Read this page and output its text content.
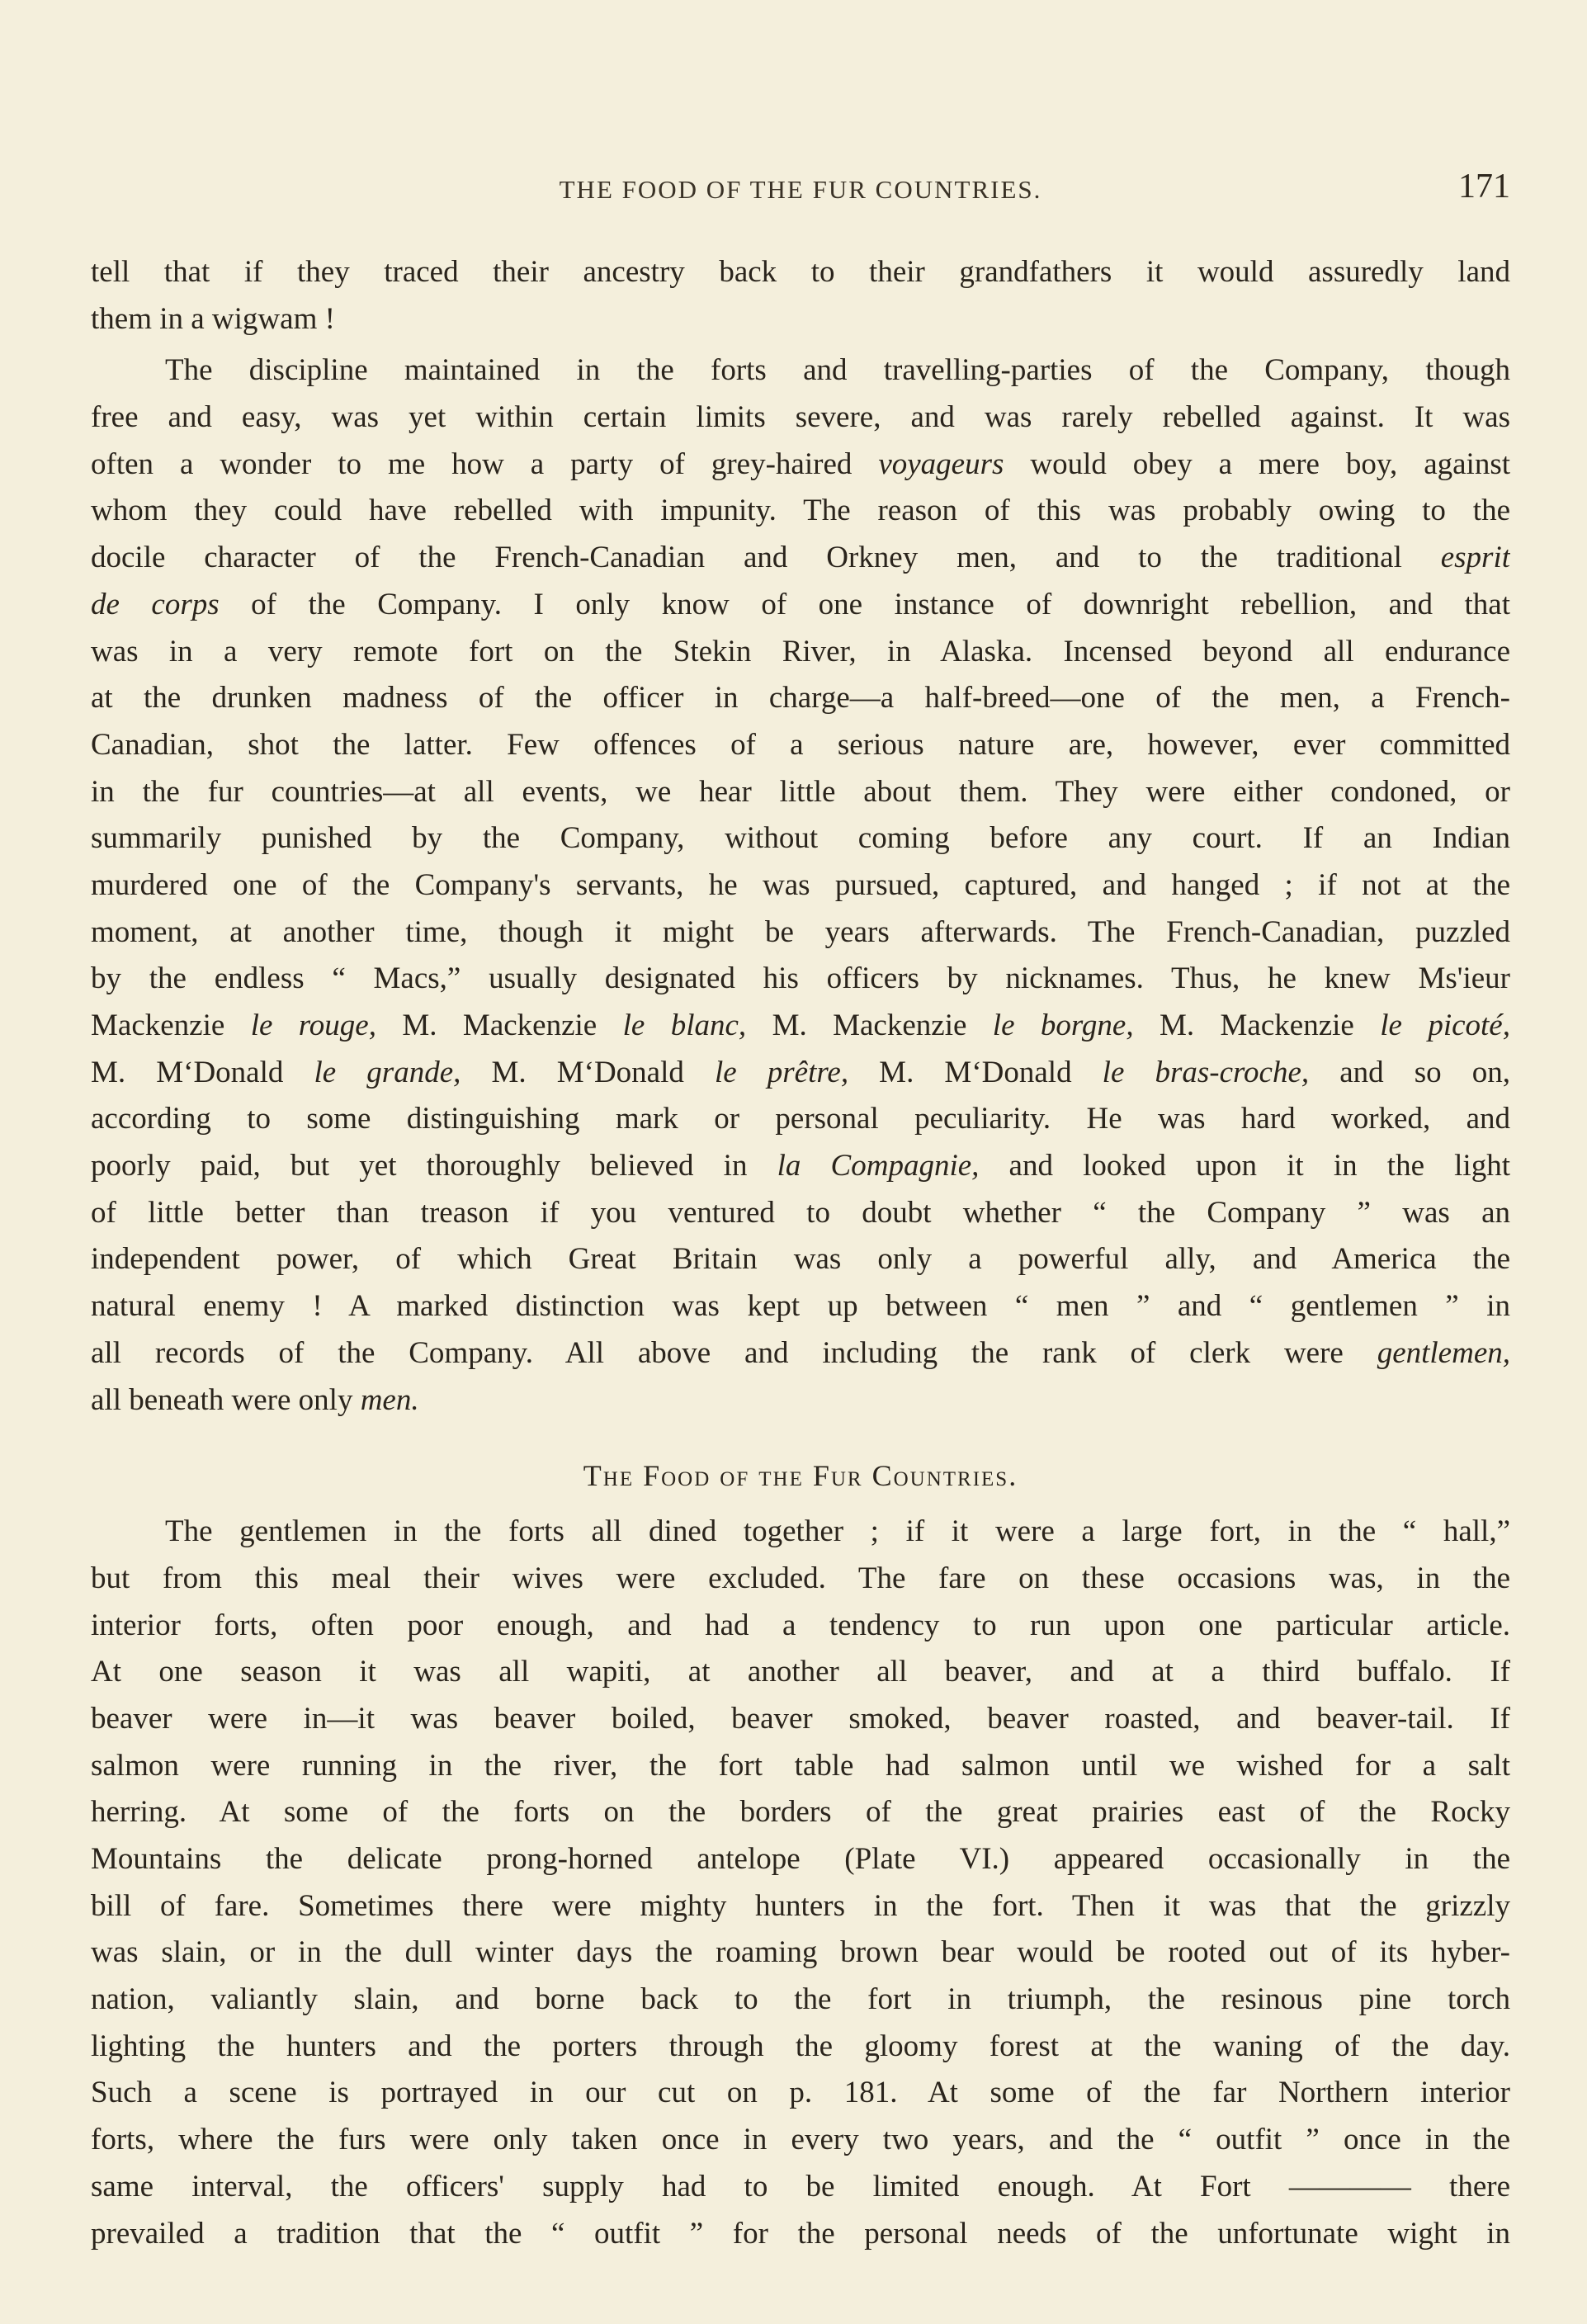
THE FOOD OF THE FUR COUNTRIES.	171
tell that if they traced their ancestry back to their grandfathers it would assuredly land
them in a wigwam !
The discipline maintained in the forts and travelling-parties of the Company, though
free and easy, was yet within certain limits severe, and was rarely rebelled against. It was
often a wonder to me how a party of grey-haired voyageurs would obey a mere boy, against
whom they could have rebelled with impunity. The reason of this was probably owing to the
docile character of the French-Canadian and Orkney men, and to the traditional esprit
de corps of the Company. I only know of one instance of downright rebellion, and that
was in a very remote fort on the Stekin River, in Alaska. Incensed beyond all endurance
at the drunken madness of the officer in charge—a half-breed—one of the men, a French-
Canadian, shot the latter. Few offences of a serious nature are, however, ever committed
in the fur countries—at all events, we hear little about them. They were either condoned, or
summarily punished by the Company, without coming before any court. If an Indian
murdered one of the Company's servants, he was pursued, captured, and hanged ; if not at the
moment, at another time, though it might be years afterwards. The French-Canadian, puzzled
by the endless “ Macs,” usually designated his officers by nicknames. Thus, he knew Ms'ieur
Mackenzie le rouge, M. Mackenzie le blanc, M. Mackenzie le borgne, M. Mackenzie le picoté,
M. M‘Donald le grande, M. M‘Donald le prêtre, M. M‘Donald le bras-croche, and so on,
according to some distinguishing mark or personal peculiarity. He was hard worked, and
poorly paid, but yet thoroughly believed in la Compagnie, and looked upon it in the light
of little better than treason if you ventured to doubt whether “ the Company ” was an
independent power, of which Great Britain was only a powerful ally, and America the
natural enemy ! A marked distinction was kept up between “ men ” and “ gentlemen ” in
all records of the Company. All above and including the rank of clerk were gentlemen,
all beneath were only men.
The Food of the Fur Countries.
The gentlemen in the forts all dined together ; if it were a large fort, in the “ hall,”
but from this meal their wives were excluded. The fare on these occasions was, in the
interior forts, often poor enough, and had a tendency to run upon one particular article.
At one season it was all wapiti, at another all beaver, and at a third buffalo. If
beaver were in—it was beaver boiled, beaver smoked, beaver roasted, and beaver-tail. If
salmon were running in the river, the fort table had salmon until we wished for a salt
herring. At some of the forts on the borders of the great prairies east of the Rocky
Mountains the delicate prong-horned antelope (Plate VI.) appeared occasionally in the
bill of fare. Sometimes there were mighty hunters in the fort. Then it was that the grizzly
was slain, or in the dull winter days the roaming brown bear would be rooted out of its hyber-
nation, valiantly slain, and borne back to the fort in triumph, the resinous pine torch
lighting the hunters and the porters through the gloomy forest at the waning of the day.
Such a scene is portrayed in our cut on p. 181. At some of the far Northern interior
forts, where the furs were only taken once in every two years, and the “ outfit ” once in the
same interval, the officers' supply had to be limited enough. At Fort ———— there
prevailed a tradition that the “ outfit ” for the personal needs of the unfortunate wight in
